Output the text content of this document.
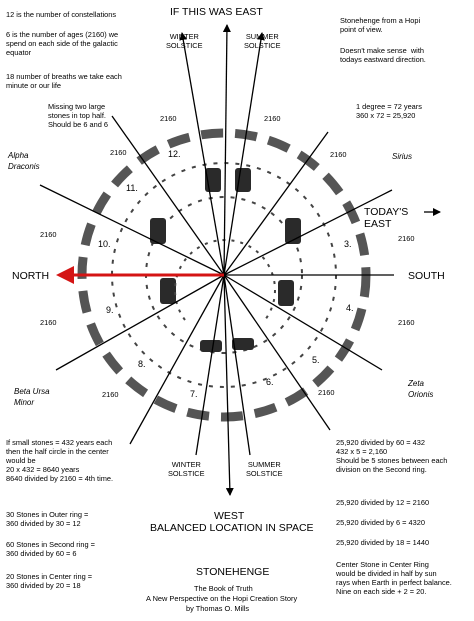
IF THIS WAS EAST
NORTH	SOUTH
TODAY'S
EAST
WEST
BALANCED LOCATION IN SPACE
STONEHENGE
WINTER
SOLSTICE
SUMMER
SOLSTICE
WINTER
SOLSTICE
SUMMER
SOLSTICE
Alpha
Draconis
Sirius
Beta Ursa
Minor
Zeta
Orionis
2160	2160
2160	2160
2160	2160
2160	2160
2160	2160
12.
11.
10.
9.
8.
7.
6.
5.
4.
3.
12 is the number of constellations
6 is the number of ages (2160) we
spend on each side of the galactic
equator
18 number of breaths we take each
minute or our life
Missing two large
stones in top half.
Should be 6 and 6
If small stones = 432 years each
then the half circle in the center
would be
20 x 432 = 8640 years
8640 divided by 2160 = 4th time.
30 Stones in Outer ring =
360 divided by 30 = 12
60 Stones in Second ring =
360 divided by 60 = 6
20 Stones in Center ring =
360 divided by 20 = 18
Stonehenge from a Hopi
point of view.
Doesn't make sense  with
todays eastward direction.
1 degree = 72 years
360 x 72 = 25,920
25,920 divided by 60 = 432
432 x 5 = 2,160
Should be 5 stones between each
division on the Second ring.
25,920 divided by 12 = 2160
25,920 divided by 6 = 4320
25,920 divided by 18 = 1440
Center Stone in Center Ring
would be divided in half by sun
rays when Earth in perfect balance.
Nine on each side + 2 = 20.
The Book of Truth
A New Perspective on the Hopi Creation Story
by Thomas O. Mills
